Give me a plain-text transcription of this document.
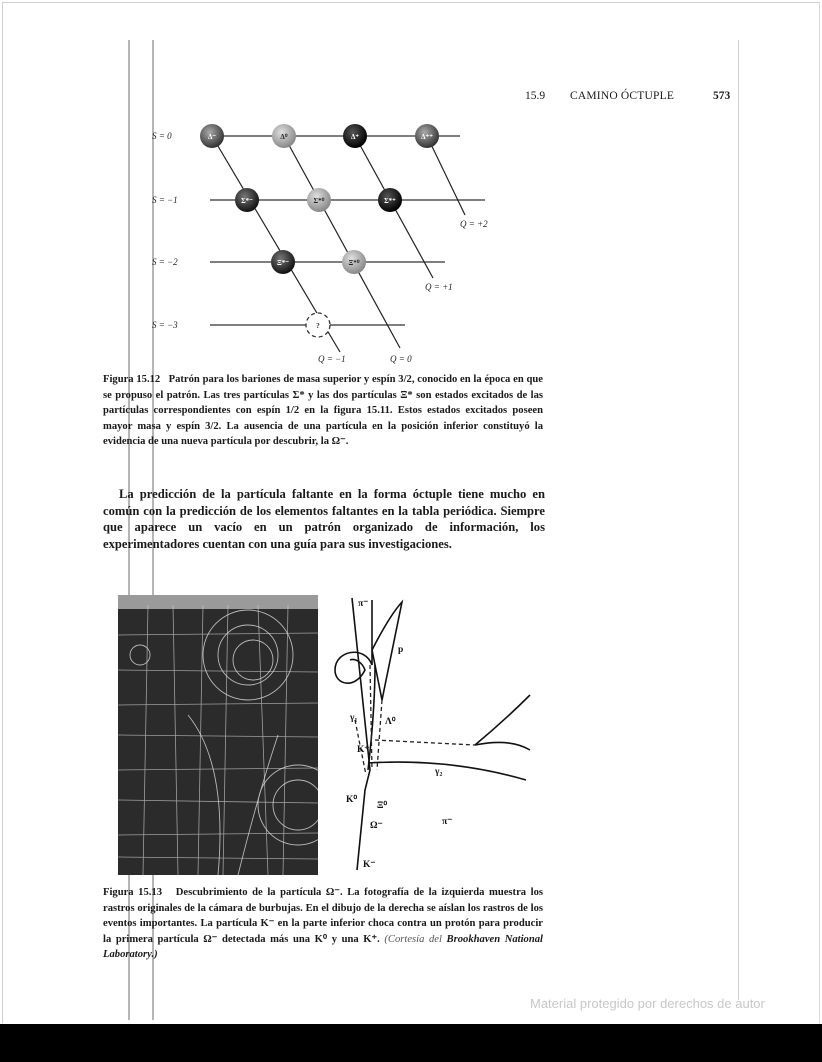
15.9 CAMINO ÓCTUPLE	573
Δ⁻	Δ⁰	Δ⁺	Δ⁺⁺
Σ*⁻	Σ*⁰	Σ*⁺
Ξ*⁻	Ξ*⁰
?
S = 0
S = −1
S = −2
S = −3
Q = −1	Q = 0
Q = +1
Q = +2
Figura 15.12 Patrón para los bariones de masa superior y espín 3/2, conocido en la época en que se propuso el patrón. Las tres partículas Σ* y las dos partículas Ξ* son estados excitados de las partículas correspondientes con espín 1/2 en la figura 15.11. Estos estados excitados poseen mayor masa y espín 3/2. La ausencia de una partícula en la posición inferior constituyó la evidencia de una nueva partícula por descubrir, la Ω⁻.
La predicción de la partícula faltante en la forma óctuple tiene mucho en común con la predicción de los elementos faltantes en la tabla periódica. Siempre que aparece un vacío en un patrón organizado de información, los experimentadores cuentan con una guía para sus investigaciones.
π⁻
p
γ₁	Λ⁰
K⁺
γ₂
K⁰
Ξ⁰
Ω⁻	π⁻
K⁻
Figura 15.13 Descubrimiento de la partícula Ω⁻. La fotografía de la izquierda muestra los rastros originales de la cámara de burbujas. En el dibujo de la derecha se aíslan los rastros de los eventos importantes. La partícula K⁻ en la parte inferior choca contra un protón para producir la primera partícula Ω⁻ detectada más una K⁰ y una K⁺. (Cortesía del Brookhaven National Laboratory.)
Material protegido por derechos de autor
